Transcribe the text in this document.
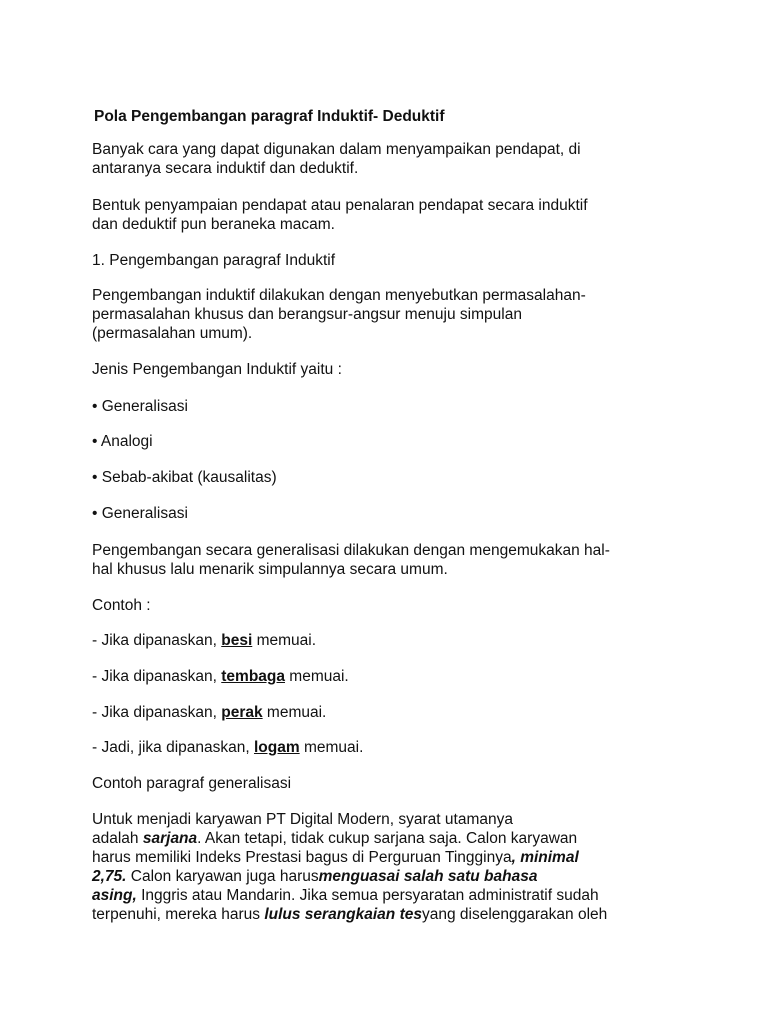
Pola Pengembangan paragraf Induktif- Deduktif

Banyak cara yang dapat digunakan dalam menyampaikan pendapat, di
antaranya secara induktif dan deduktif.

Bentuk penyampaian pendapat atau penalaran pendapat secara induktif
dan deduktif pun beraneka macam.

1. Pengembangan paragraf Induktif

Pengembangan induktif dilakukan dengan menyebutkan permasalahan-
permasalahan khusus dan berangsur-angsur menuju simpulan
(permasalahan umum).

Jenis Pengembangan Induktif yaitu :

• Generalisasi

• Analogi

• Sebab-akibat (kausalitas)

• Generalisasi

Pengembangan secara generalisasi dilakukan dengan mengemukakan hal-
hal khusus lalu menarik simpulannya secara umum.

Contoh :

- Jika dipanaskan, besi memuai.

- Jika dipanaskan, tembaga memuai.

- Jika dipanaskan, perak memuai.

- Jadi, jika dipanaskan, logam memuai.

Contoh paragraf generalisasi

Untuk menjadi karyawan PT Digital Modern, syarat utamanya
adalah sarjana. Akan tetapi, tidak cukup sarjana saja. Calon karyawan
harus memiliki Indeks Prestasi bagus di Perguruan Tingginya, minimal
2,75. Calon karyawan juga harusmenguasai salah satu bahasa
asing, Inggris atau Mandarin. Jika semua persyaratan administratif sudah
terpenuhi, mereka harus lulus serangkaian tesyang diselenggarakan oleh
